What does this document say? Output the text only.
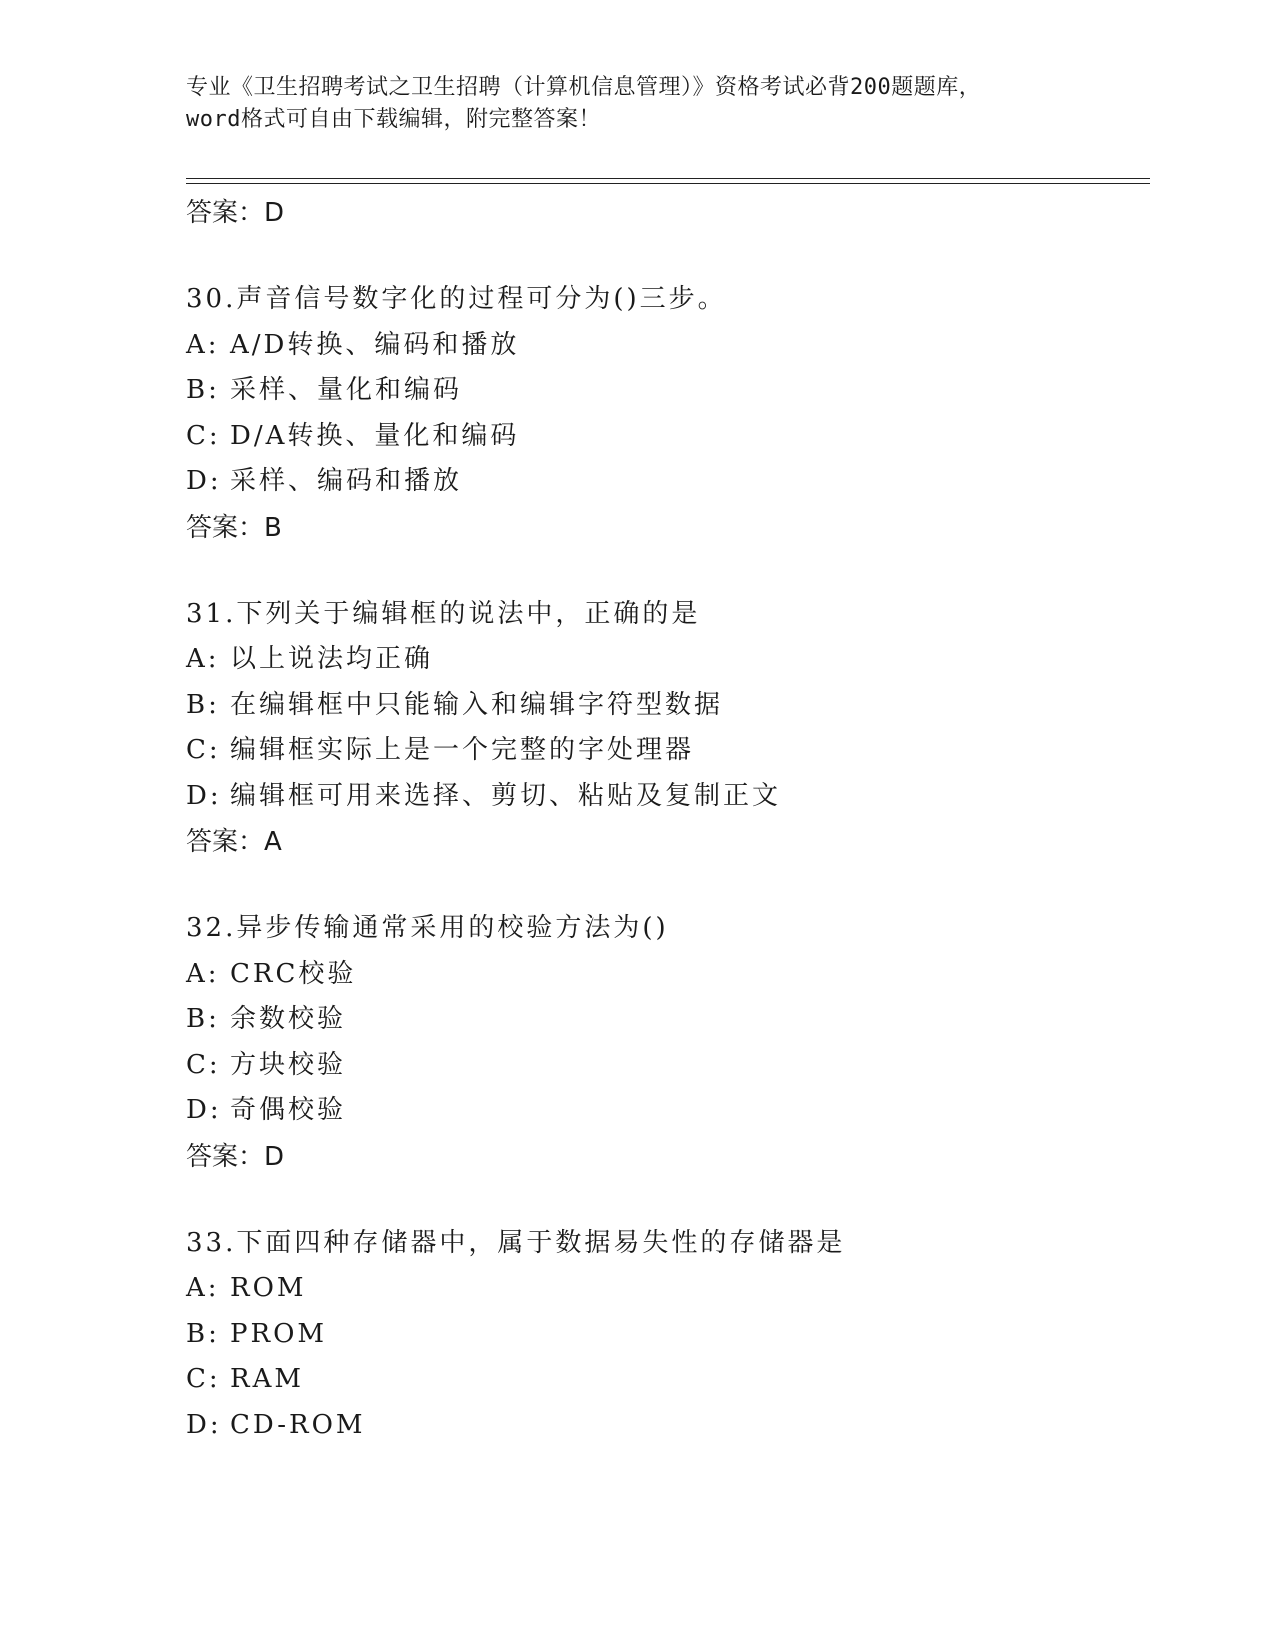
专业《卫生招聘考试之卫生招聘（计算机信息管理）》资格考试必背200题题库，
word格式可自由下载编辑，附完整答案！
答案：D
30.声音信号数字化的过程可分为()三步。
A: A/D转换、编码和播放
B: 采样、量化和编码
C: D/A转换、量化和编码
D: 采样、编码和播放
答案：B
31.下列关于编辑框的说法中，正确的是
A: 以上说法均正确
B: 在编辑框中只能输入和编辑字符型数据
C: 编辑框实际上是一个完整的字处理器
D: 编辑框可用来选择、剪切、粘贴及复制正文
答案：A
32.异步传输通常采用的校验方法为()
A: CRC校验
B: 余数校验
C: 方块校验
D: 奇偶校验
答案：D
33.下面四种存储器中，属于数据易失性的存储器是
A: ROM
B: PROM
C: RAM
D: CD-ROM
